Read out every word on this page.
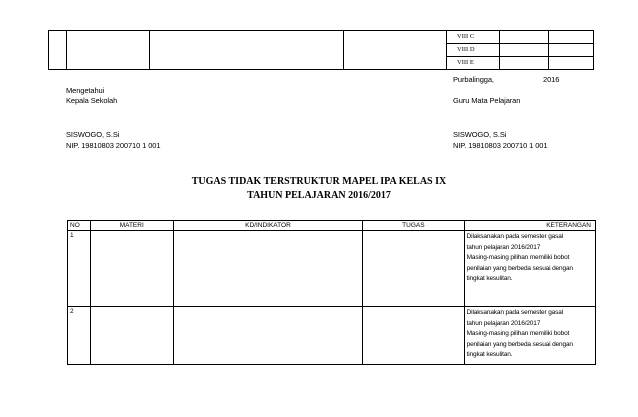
				VIII C		
				VIII D		
				VIII E		
Purbalingga,	2016
Mengetahui
Kepala Sekolah	Guru Mata Pelajaran
SISWOGO, S.Si
NIP. 19810803 200710 1 001
SISWOGO, S.Si
NIP. 19810803 200710 1 001
TUGAS TIDAK TERSTRUKTUR MAPEL IPA KELAS IX
TAHUN PELAJARAN 2016/2017
NO	MATERI	KD/INDIKATOR	TUGAS	KETERANGAN
1				Dilaksanakan pada semester gasal
tahun pelajaran 2016/2017
Masing-masing pilihan memiliki bobot
penilaian yang berbeda sesuai dengan
tingkat kesulitan.

2				Dilaksanakan pada semester gasal
tahun pelajaran 2016/2017
Masing-masing pilihan memiliki bobot
penilaian yang berbeda sesuai dengan
tingkat kesulitan.
